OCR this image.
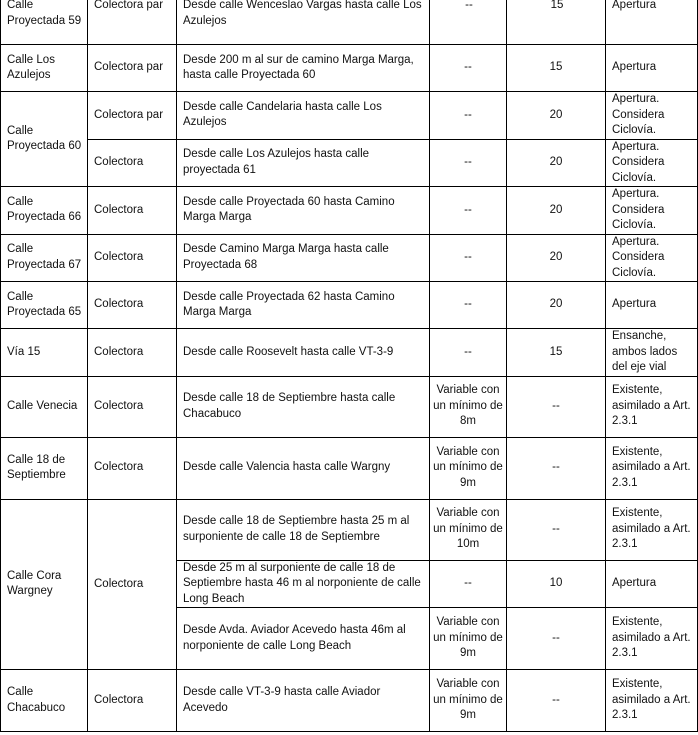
Calle Proyectada 59	Colectora par	Desde calle Wenceslao Vargas hasta calle Los Azulejos	--	15	Apertura
Calle Los Azulejos	Colectora par	Desde 200 m al sur de camino Marga Marga, hasta calle Proyectada 60	--	15	Apertura
Calle Proyectada 60	Colectora par	Desde calle Candelaria hasta calle Los Azulejos	--	20	Apertura. Considera Ciclovía.
	Colectora	Desde calle Los Azulejos hasta calle proyectada 61	--	20	Apertura. Considera Ciclovía.
Calle Proyectada 66	Colectora	Desde calle Proyectada 60 hasta Camino Marga Marga	--	20	Apertura. Considera Ciclovía.
Calle Proyectada 67	Colectora	Desde Camino Marga Marga hasta calle Proyectada 68	--	20	Apertura. Considera Ciclovía.
Calle Proyectada 65	Colectora	Desde calle Proyectada 62 hasta Camino Marga Marga	--	20	Apertura
Vía 15	Colectora	Desde calle Roosevelt hasta calle VT-3-9	--	15	Ensanche, ambos lados del eje vial
Calle Venecia	Colectora	Desde calle 18 de Septiembre hasta calle Chacabuco	Variable con un mínimo de 8m	--	Existente, asimilado a Art. 2.3.1
Calle 18 de Septiembre	Colectora	Desde calle Valencia hasta calle Wargny	Variable con un mínimo de 9m	--	Existente, asimilado a Art. 2.3.1
Calle Cora Wargney	Colectora	Desde calle 18 de Septiembre hasta 25 m al surponiente de calle 18 de Septiembre	Variable con un mínimo de 10m	--	Existente, asimilado a Art. 2.3.1
		Desde 25 m al surponiente de calle 18 de Septiembre hasta 46 m al norponiente de calle Long Beach	--	10	Apertura
		Desde Avda. Aviador Acevedo hasta 46m al norponiente de calle Long Beach	Variable con un mínimo de 9m	--	Existente, asimilado a Art. 2.3.1
Calle Chacabuco	Colectora	Desde calle VT-3-9 hasta calle Aviador Acevedo	Variable con un mínimo de 9m	--	Existente, asimilado a Art. 2.3.1
